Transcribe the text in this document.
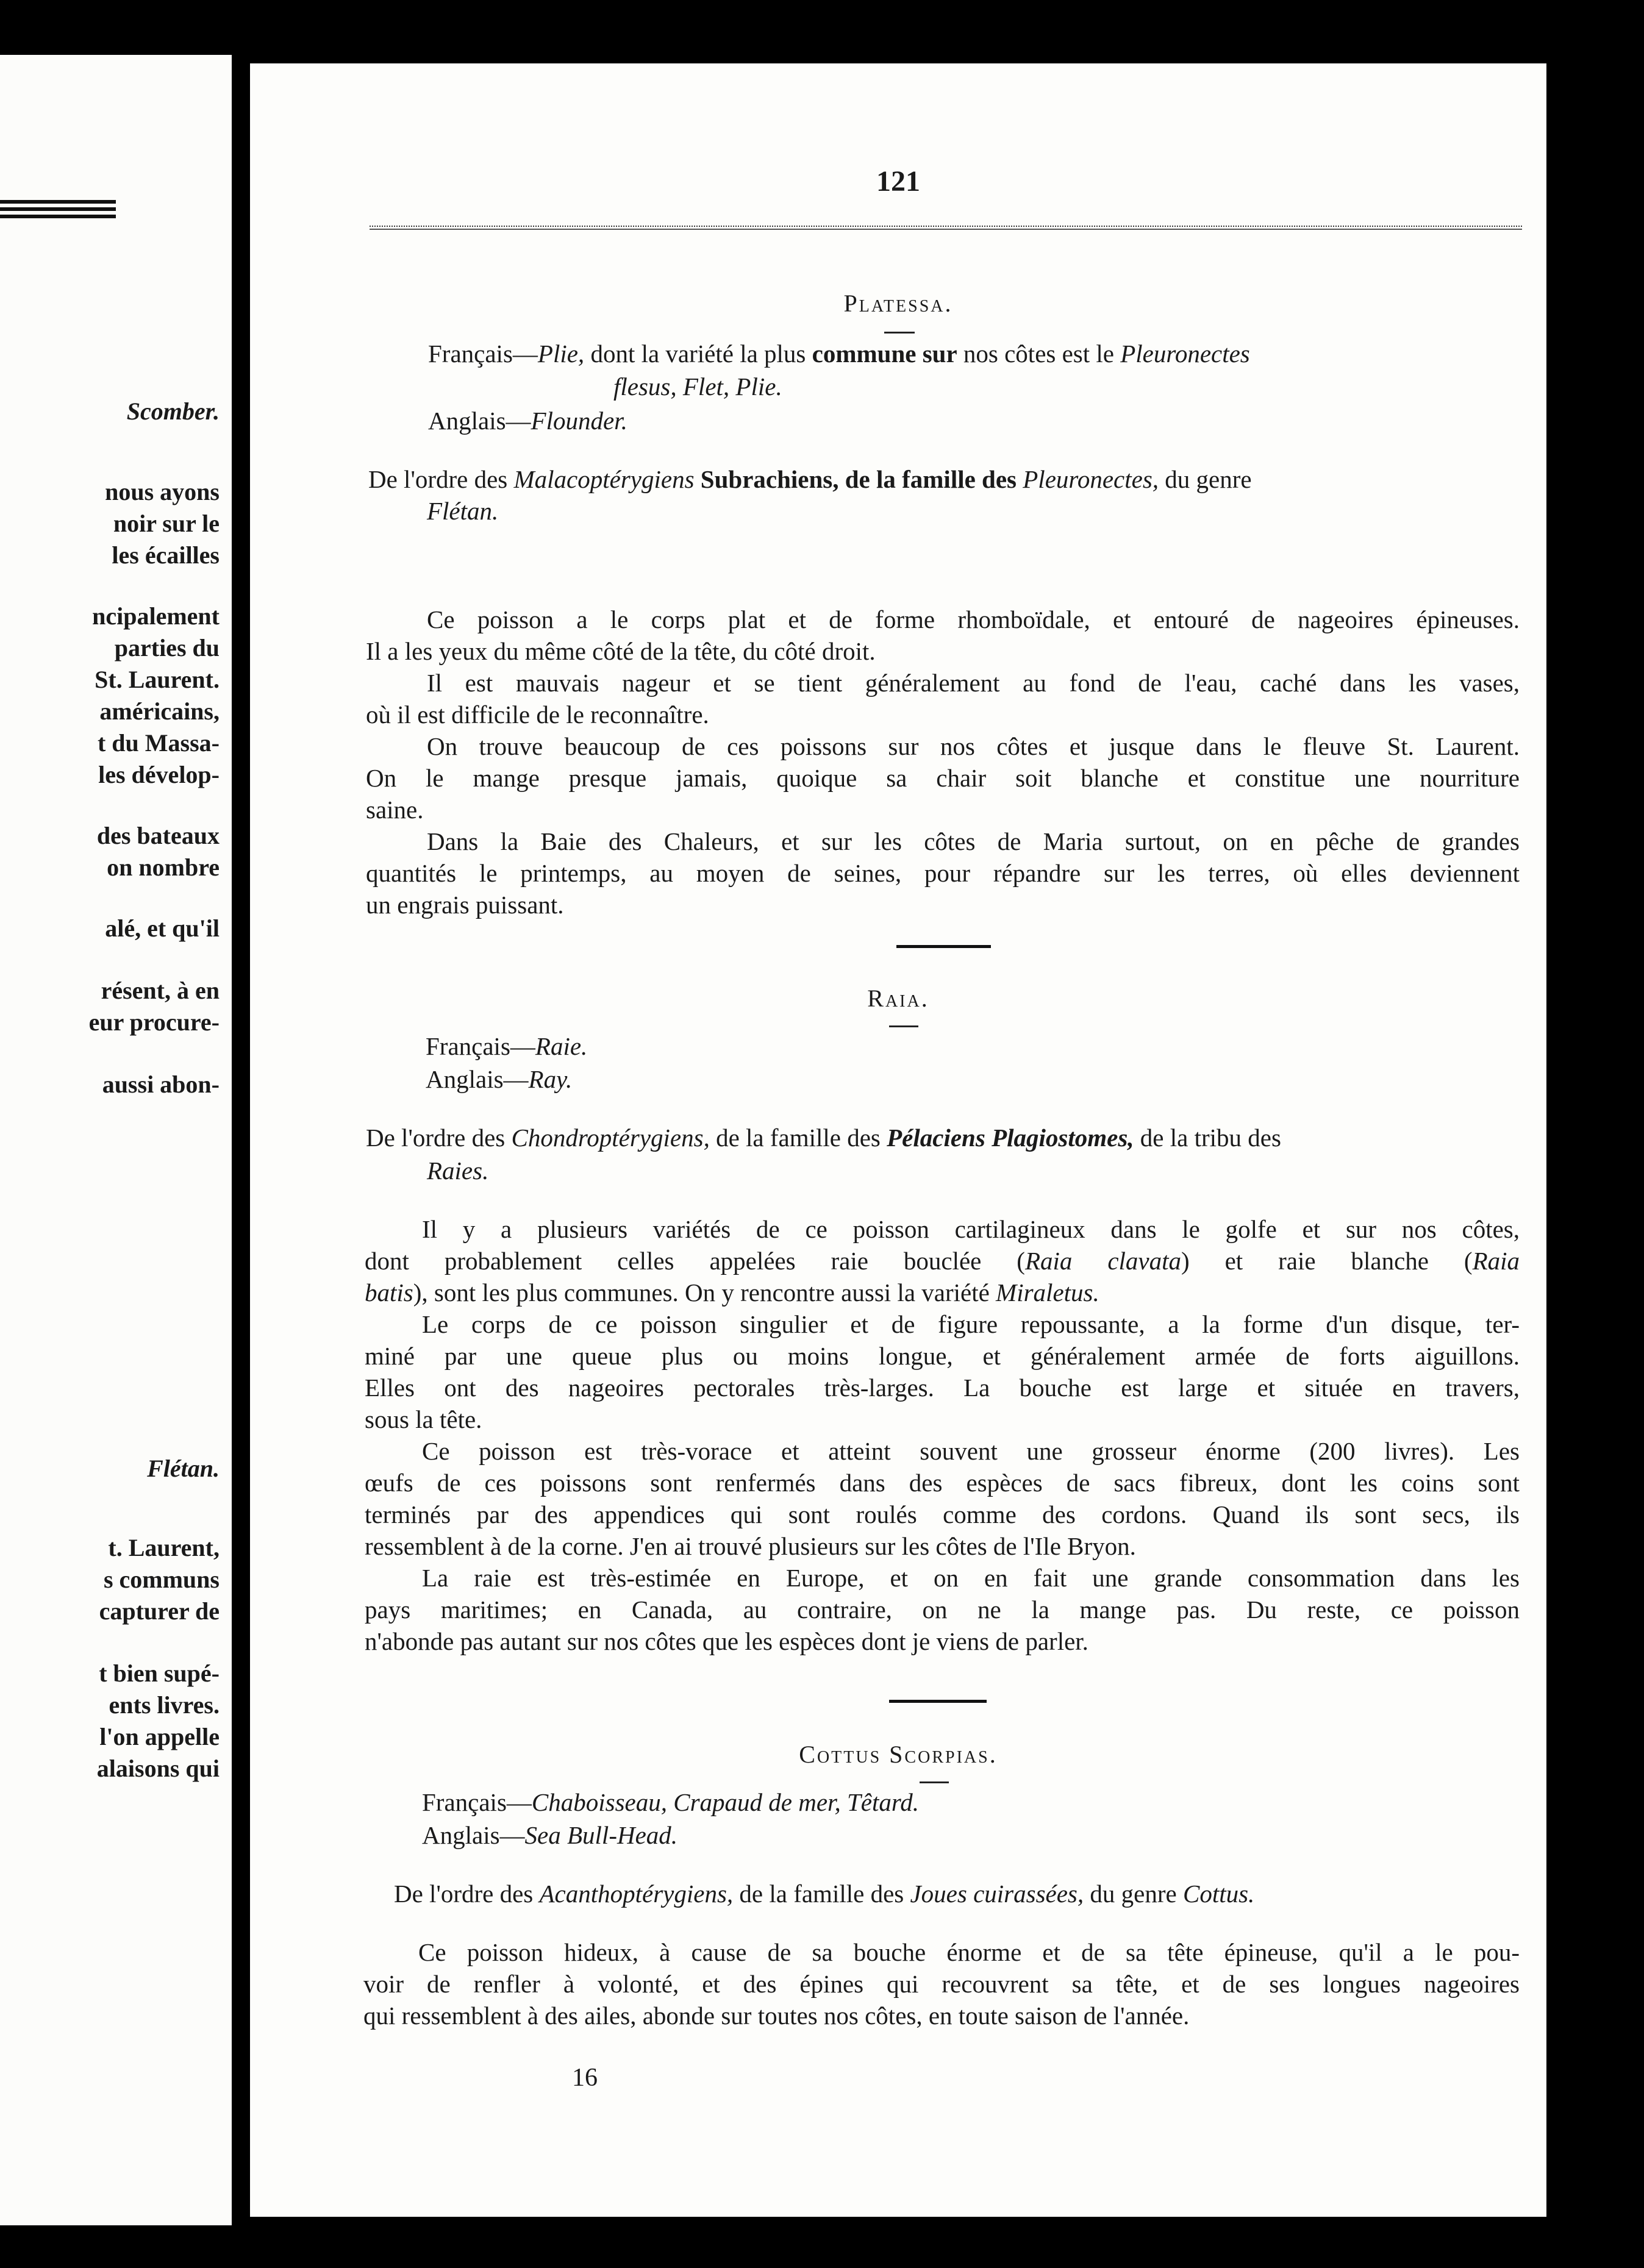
Scomber.
nous ayons
noir sur le
les écailles
ncipalement
parties du
St. Laurent.
américains,
t du Massa-
les dévelop-
des bateaux
on nombre
alé, et qu'il
résent, à en
eur procure-
aussi abon-
Flétan.
t. Laurent,
s communs
capturer de
t bien supé-
ents livres.
l'on appelle
alaisons qui
121
Platessa.
Français—Plie, dont la variété la plus commune sur nos côtes est le Pleuronectes
flesus, Flet, Plie.
Anglais—Flounder.
De l'ordre des Malacoptérygiens Subrachiens, de la famille des Pleuronectes, du genre
Flétan.
Ce poisson a le corps plat et de forme rhomboïdale, et entouré de nageoires épineuses.
Il a les yeux du même côté de la tête, du côté droit.
Il est mauvais nageur et se tient généralement au fond de l'eau, caché dans les vases,
où il est difficile de le reconnaître.
On trouve beaucoup de ces poissons sur nos côtes et jusque dans le fleuve St. Laurent.
On le mange presque jamais, quoique sa chair soit blanche et constitue une nourriture
saine.
Dans la Baie des Chaleurs, et sur les côtes de Maria surtout, on en pêche de grandes
quantités le printemps, au moyen de seines, pour répandre sur les terres, où elles deviennent
un engrais puissant.
Raia.
Français—Raie.
Anglais—Ray.
De l'ordre des Chondroptérygiens, de la famille des Pélaciens Plagiostomes, de la tribu des
Raies.
Il y a plusieurs variétés de ce poisson cartilagineux dans le golfe et sur nos côtes,
dont probablement celles appelées raie bouclée (Raia clavata) et raie blanche (Raia
batis), sont les plus communes. On y rencontre aussi la variété Miraletus.
Le corps de ce poisson singulier et de figure repoussante, a la forme d'un disque, ter-
miné par une queue plus ou moins longue, et généralement armée de forts aiguillons.
Elles ont des nageoires pectorales très-larges. La bouche est large et située en travers,
sous la tête.
Ce poisson est très-vorace et atteint souvent une grosseur énorme (200 livres). Les
œufs de ces poissons sont renfermés dans des espèces de sacs fibreux, dont les coins sont
terminés par des appendices qui sont roulés comme des cordons. Quand ils sont secs, ils
ressemblent à de la corne. J'en ai trouvé plusieurs sur les côtes de l'Ile Bryon.
La raie est très-estimée en Europe, et on en fait une grande consommation dans les
pays maritimes; en Canada, au contraire, on ne la mange pas. Du reste, ce poisson
n'abonde pas autant sur nos côtes que les espèces dont je viens de parler.
Cottus Scorpias.
Français—Chaboisseau, Crapaud de mer, Têtard.
Anglais—Sea Bull-Head.
De l'ordre des Acanthoptérygiens, de la famille des Joues cuirassées, du genre Cottus.
Ce poisson hideux, à cause de sa bouche énorme et de sa tête épineuse, qu'il a le pou-
voir de renfler à volonté, et des épines qui recouvrent sa tête, et de ses longues nageoires
qui ressemblent à des ailes, abonde sur toutes nos côtes, en toute saison de l'année.
16
